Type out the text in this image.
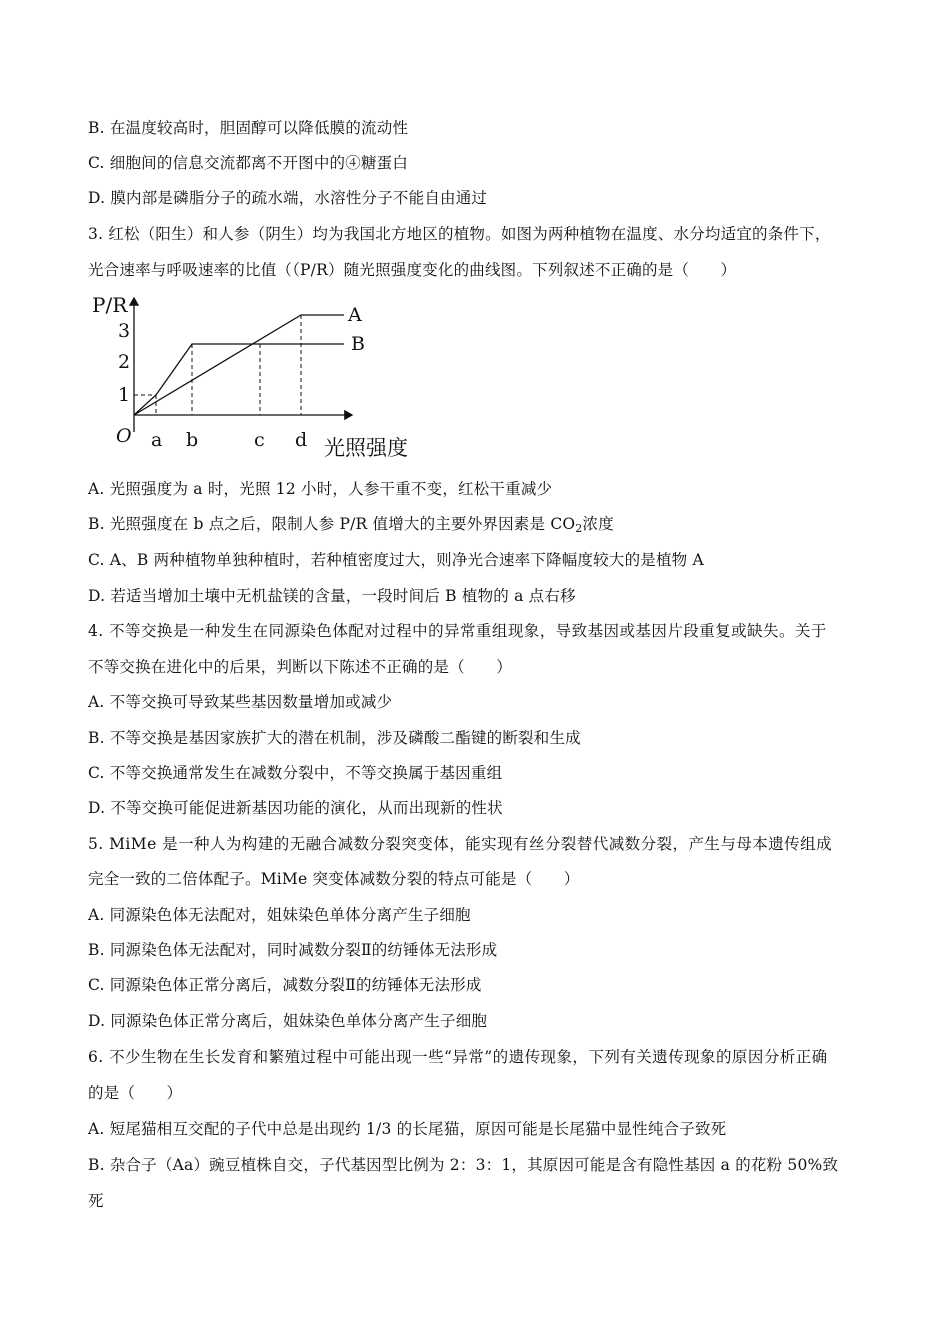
B. 在温度较高时，胆固醇可以降低膜的流动性
C. 细胞间的信息交流都离不开图中的④糖蛋白
D. 膜内部是磷脂分子的疏水端，水溶性分子不能自由通过
3. 红松（阳生）和人参（阴生）均为我国北方地区的植物。如图为两种植物在温度、水分均适宜的条件下，
光合速率与呼吸速率的比值（（P/R）随光照强度变化的曲线图。下列叙述不正确的是（　　）
P/R
3
2
1
O a b	c d 光照强度
A
B
A. 光照强度为 a 时，光照 12 小时，人参干重不变，红松干重减少
B. 光照强度在 b 点之后，限制人参 P/R 值增大的主要外界因素是 $CO_2$浓度
C. A、B 两种植物单独种植时，若种植密度过大，则净光合速率下降幅度较大的是植物 A
D. 若适当增加土壤中无机盐镁的含量，一段时间后 B 植物的 a 点右移
4. 不等交换是一种发生在同源染色体配对过程中的异常重组现象，导致基因或基因片段重复或缺失。关于
不等交换在进化中的后果，判断以下陈述不正确的是（　　）
A. 不等交换可导致某些基因数量增加或减少
B. 不等交换是基因家族扩大的潜在机制，涉及磷酸二酯键的断裂和生成
C. 不等交换通常发生在减数分裂中，不等交换属于基因重组
D. 不等交换可能促进新基因功能的演化，从而出现新的性状
5. MiMe 是一种人为构建的无融合减数分裂突变体，能实现有丝分裂替代减数分裂，产生与母本遗传组成
完全一致的二倍体配子。MiMe 突变体减数分裂的特点可能是（　　）
A. 同源染色体无法配对，姐妹染色单体分离产生子细胞
B. 同源染色体无法配对，同时减数分裂Ⅱ的纺锤体无法形成
C. 同源染色体正常分离后，减数分裂Ⅱ的纺锤体无法形成
D. 同源染色体正常分离后，姐妹染色单体分离产生子细胞
6. 不少生物在生长发育和繁殖过程中可能出现一些“异常”的遗传现象，下列有关遗传现象的原因分析正确
的是（　　）
A. 短尾猫相互交配的子代中总是出现约 1/3 的长尾猫，原因可能是长尾猫中显性纯合子致死
B. 杂合子（Aa）豌豆植株自交，子代基因型比例为 2：3：1，其原因可能是含有隐性基因 a 的花粉 50%致
死
